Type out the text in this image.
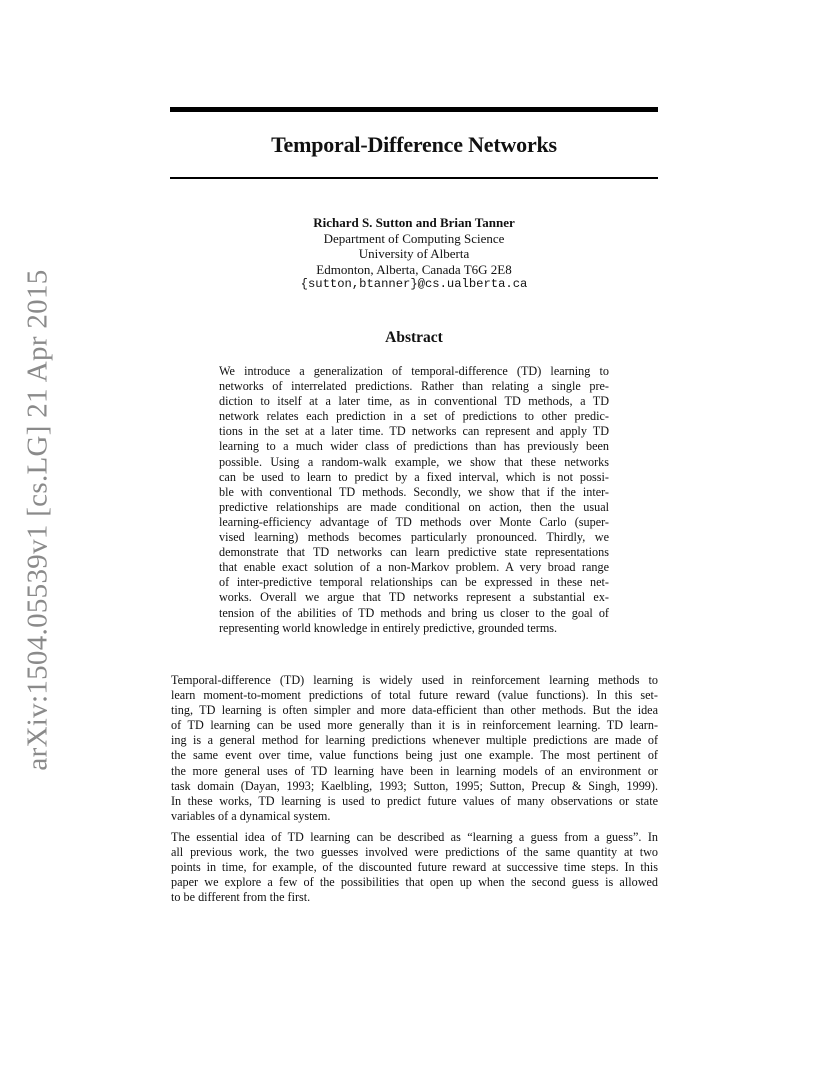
arXiv:1504.05539v1 [cs.LG] 21 Apr 2015
Temporal-Difference Networks
Richard S. Sutton and Brian Tanner
Department of Computing Science
University of Alberta
Edmonton, Alberta, Canada T6G 2E8
{sutton,btanner}@cs.ualberta.ca
Abstract
We introduce a generalization of temporal-difference (TD) learning to
networks of interrelated predictions. Rather than relating a single pre-
diction to itself at a later time, as in conventional TD methods, a TD
network relates each prediction in a set of predictions to other predic-
tions in the set at a later time. TD networks can represent and apply TD
learning to a much wider class of predictions than has previously been
possible. Using a random-walk example, we show that these networks
can be used to learn to predict by a fixed interval, which is not possi-
ble with conventional TD methods. Secondly, we show that if the inter-
predictive relationships are made conditional on action, then the usual
learning-efficiency advantage of TD methods over Monte Carlo (super-
vised learning) methods becomes particularly pronounced. Thirdly, we
demonstrate that TD networks can learn predictive state representations
that enable exact solution of a non-Markov problem. A very broad range
of inter-predictive temporal relationships can be expressed in these net-
works. Overall we argue that TD networks represent a substantial ex-
tension of the abilities of TD methods and bring us closer to the goal of
representing world knowledge in entirely predictive, grounded terms.
Temporal-difference (TD) learning is widely used in reinforcement learning methods to
learn moment-to-moment predictions of total future reward (value functions). In this set-
ting, TD learning is often simpler and more data-efficient than other methods. But the idea
of TD learning can be used more generally than it is in reinforcement learning. TD learn-
ing is a general method for learning predictions whenever multiple predictions are made of
the same event over time, value functions being just one example. The most pertinent of
the more general uses of TD learning have been in learning models of an environment or
task domain (Dayan, 1993; Kaelbling, 1993; Sutton, 1995; Sutton, Precup & Singh, 1999).
In these works, TD learning is used to predict future values of many observations or state
variables of a dynamical system.
The essential idea of TD learning can be described as “learning a guess from a guess”. In
all previous work, the two guesses involved were predictions of the same quantity at two
points in time, for example, of the discounted future reward at successive time steps. In this
paper we explore a few of the possibilities that open up when the second guess is allowed
to be different from the first.
